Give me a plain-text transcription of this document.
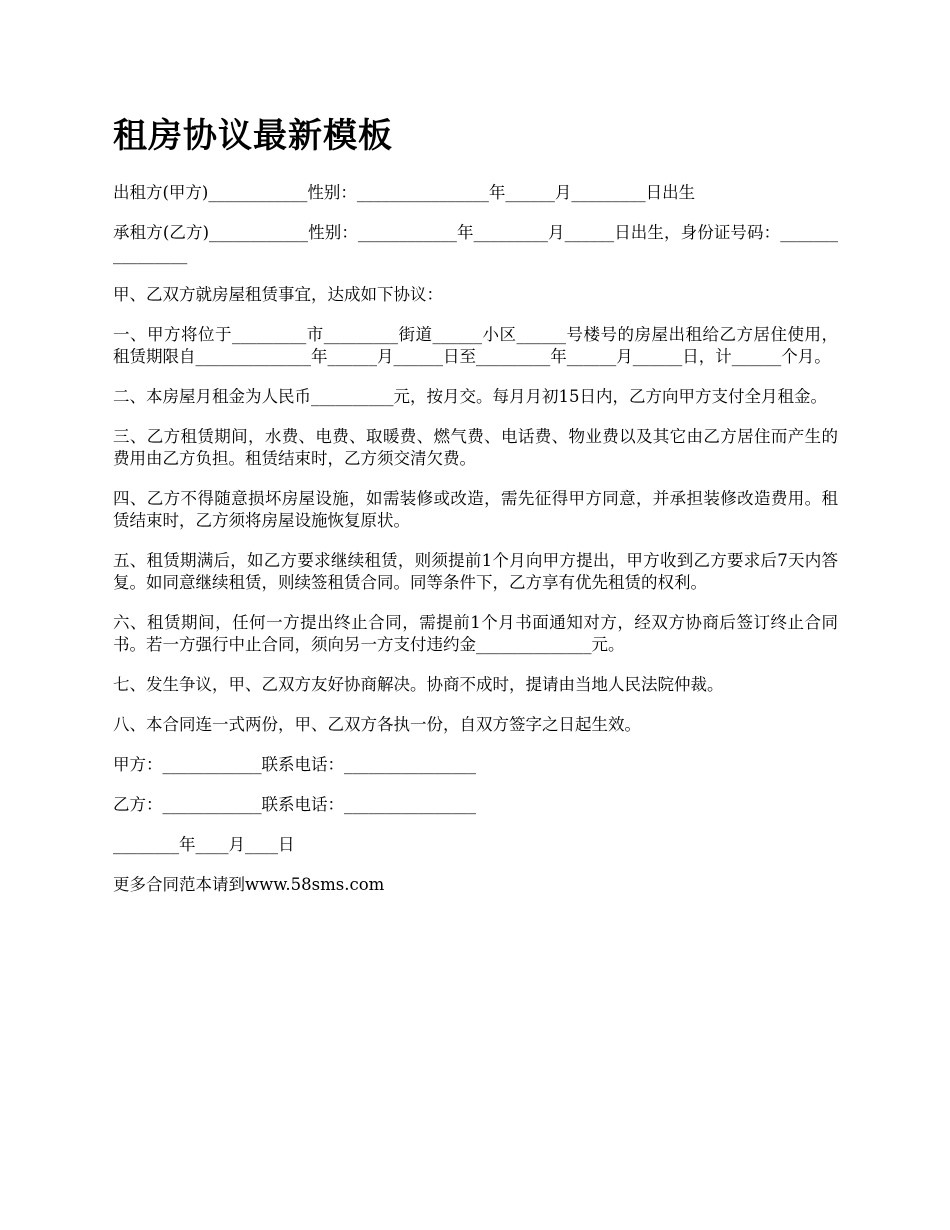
租房协议最新模板

出租方(甲方)____________性别：________________年______月_________日出生

承租方(乙方)____________性别：____________年_________月______日出生，身份证号码：________________

甲、乙双方就房屋租赁事宜，达成如下协议：

一、甲方将位于_________市_________街道______小区______号楼号的房屋出租给乙方居住使用，租赁期限自______________年______月______日至_________年______月______日，计______个月。

二、本房屋月租金为人民币__________元，按月交。每月月初15日内，乙方向甲方支付全月租金。

三、乙方租赁期间，水费、电费、取暖费、燃气费、电话费、物业费以及其它由乙方居住而产生的费用由乙方负担。租赁结束时，乙方须交清欠费。

四、乙方不得随意损坏房屋设施，如需装修或改造，需先征得甲方同意，并承担装修改造费用。租赁结束时，乙方须将房屋设施恢复原状。

五、租赁期满后，如乙方要求继续租赁，则须提前1个月向甲方提出，甲方收到乙方要求后7天内答复。如同意继续租赁，则续签租赁合同。同等条件下，乙方享有优先租赁的权利。

六、租赁期间，任何一方提出终止合同，需提前1个月书面通知对方，经双方协商后签订终止合同书。若一方强行中止合同，须向另一方支付违约金______________元。

七、发生争议，甲、乙双方友好协商解决。协商不成时，提请由当地人民法院仲裁。

八、本合同连一式两份，甲、乙双方各执一份，自双方签字之日起生效。

甲方：____________联系电话：________________

乙方：____________联系电话：________________

________年____月____日

更多合同范本请到www.58sms.com
